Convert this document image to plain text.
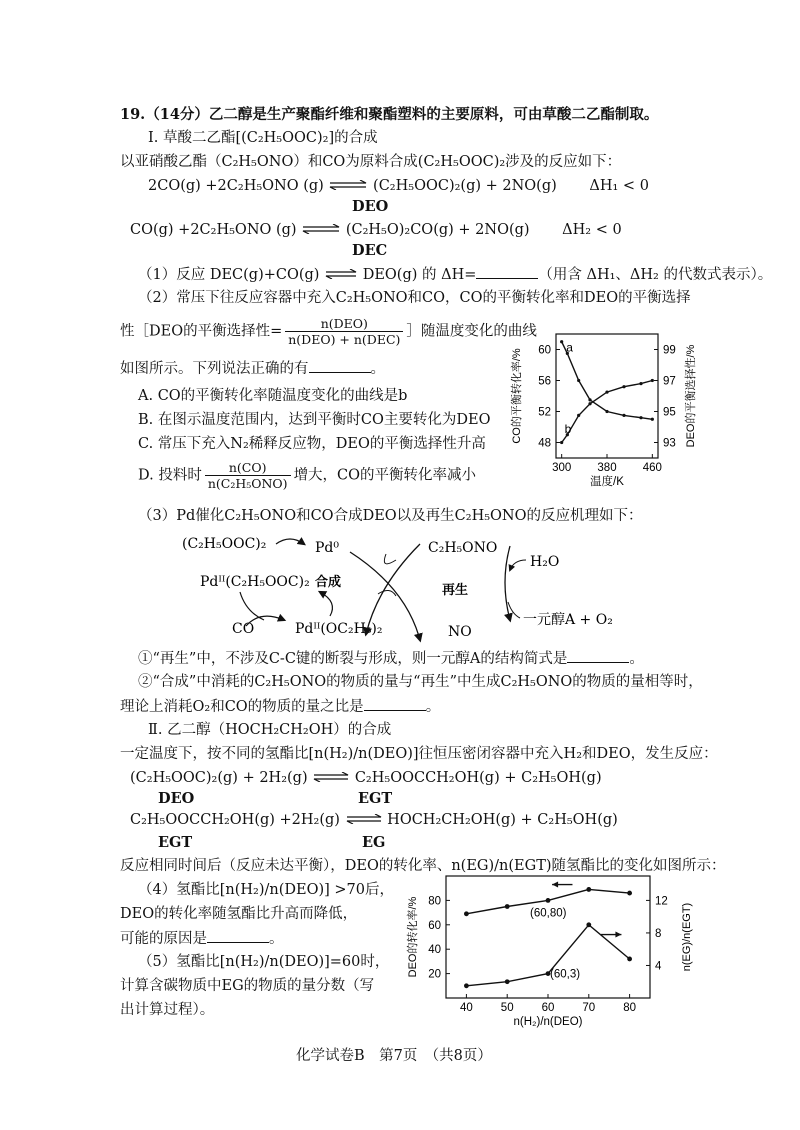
19.（14分）乙二醇是生产聚酯纤维和聚酯塑料的主要原料，可由草酸二乙酯制取。
Ⅰ. 草酸二乙酯[(C₂H₅OOC)₂]的合成
以亚硝酸乙酯（C₂H₅ONO）和CO为原料合成(C₂H₅OOC)₂涉及的反应如下：
2CO(g) +2C₂H₅ONO (g) ⇌ (C₂H₅OOC)₂(g) + 2NO(g) ΔH₁ < 0
DEO
CO(g) +2C₂H₅ONO (g) ⇌ (C₂H₅O)₂CO(g) + 2NO(g) ΔH₂ < 0
DEC
（1）反应 DEC(g)+CO(g) ⇌ DEO(g) 的 ΔH=	（用含 ΔH₁、ΔH₂ 的代数式表示）。
（2）常压下往反应容器中充入C₂H₅ONO和CO，CO的平衡转化率和DEO的平衡选择
性［DEO的平衡选择性= $\frac{\text{n(DEO)}}{\text{n(DEO) + n(DEC)}}$ ］随温度变化的曲线
如图所示。下列说法正确的有	。
A. CO的平衡转化率随温度变化的曲线是b
B. 在图示温度范围内，达到平衡时CO主要转化为DEO
C. 常压下充入N₂稀释反应物，DEO的平衡选择性升高
D. 投料时 $\frac{n(CO)}{\text{n(C₂H₅ONO)}}$ 增大，CO的平衡转化率减小	300 380 460
48
52
56
60
93
95
97
99
温度/K
CO的平衡转化率/%	DEO的平衡选择性/%
a
b
（3）Pd催化C₂H₅ONO和CO合成DEO以及再生C₂H₅ONO的反应机理如下：
(C₂H₅OOC)₂	Pd⁰
Pdᴵᴵ(C₂H₅OOC)₂ 合成
CO	Pdᴵᴵ(OC₂H₅)₂
C₂H₅ONO
再生
NO
H₂O
一元醇A + O₂
①“再生”中，不涉及C-C键的断裂与形成，则一元醇A的结构简式是	。
②“合成”中消耗的C₂H₅ONO的物质的量与“再生”中生成C₂H₅ONO的物质的量相等时，
理论上消耗O₂和CO的物质的量之比是	。
Ⅱ. 乙二醇（HOCH₂CH₂OH）的合成
一定温度下，按不同的氢酯比[n(H₂)/n(DEO)]往恒压密闭容器中充入H₂和DEO，发生反应：
(C₂H₅OOC)₂(g) + 2H₂(g) ⇌ C₂H₅OOCCH₂OH(g) + C₂H₅OH(g)
DEO	EGT
C₂H₅OOCCH₂OH(g) +2H₂(g) ⇌ HOCH₂CH₂OH(g) + C₂H₅OH(g)
EGT	EG
反应相同时间后（反应未达平衡），DEO的转化率、n(EG)/n(EGT)随氢酯比的变化如图所示：
（4）氢酯比[n(H₂)/n(DEO)] >70后，
DEO的转化率随氢酯比升高而降低，
可能的原因是	。
（5）氢酯比[n(H₂)/n(DEO)]=60时，
计算含碳物质中EG的物质的量分数（写
出计算过程）。	40 50 60 70 80
20
40
60
80
4
8
12
n(H₂)/n(DEO)
DEO的转化率/%	n(EG)/n(EGT)
(60,80)
(60,3)
化学试卷B　第7页　（共8页）
